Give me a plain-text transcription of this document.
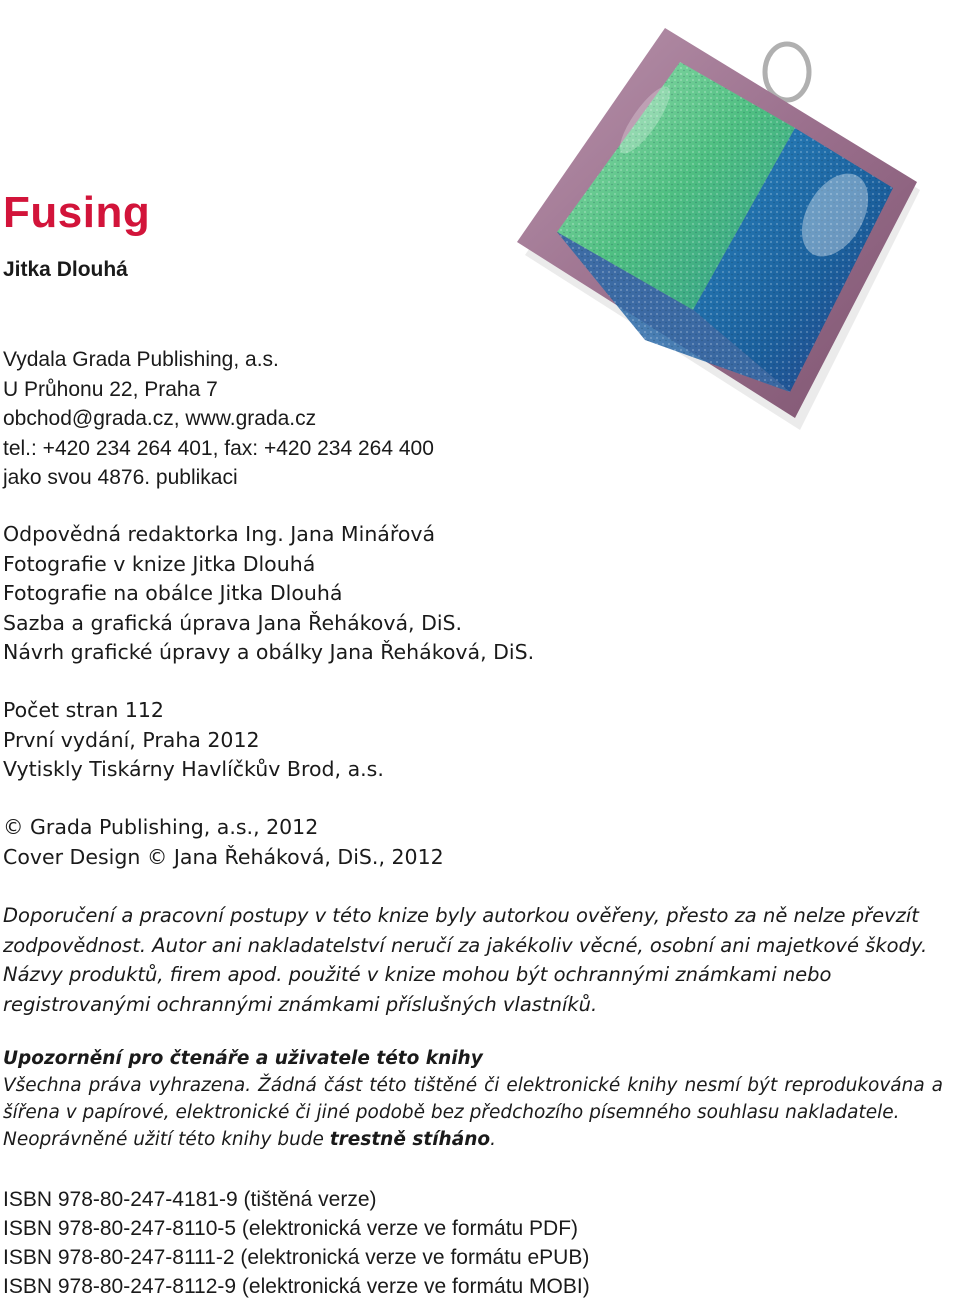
Fusing
Jitka Dlouhá
Vydala Grada Publishing, a.s.
U Průhonu 22, Praha 7
obchod@grada.cz, www.grada.cz
tel.: +420 234 264 401, fax: +420 234 264 400
jako svou 4876. publikaci
Odpovědná redaktorka Ing. Jana Minářová
Fotografie v knize Jitka Dlouhá
Fotografie na obálce Jitka Dlouhá
Sazba a grafická úprava Jana Řeháková, DiS.
Návrh grafické úpravy a obálky Jana Řeháková, DiS.
Počet stran 112
První vydání, Praha 2012
Vytiskly Tiskárny Havlíčkův Brod, a.s.
© Grada Publishing, a.s., 2012
Cover Design © Jana Řeháková, DiS., 2012
Doporučení a pracovní postupy v této knize byly autorkou ověřeny, přesto za ně nelze převzít
zodpovědnost. Autor ani nakladatelství neručí za jakékoliv věcné, osobní ani majetkové škody.
Názvy produktů, firem apod. použité v knize mohou být ochrannými známkami nebo
registrovanými ochrannými známkami příslušných vlastníků.
Upozornění pro čtenáře a uživatele této knihy
Všechna práva vyhrazena. Žádná část této tištěné či elektronické knihy nesmí být reprodukována a šířena v papírové, elektronické či jiné podobě bez předchozího písemného souhlasu nakladatele.
Neoprávněné užití této knihy bude trestně stíháno.
ISBN 978-80-247-4181-9 (tištěná verze)
ISBN 978-80-247-8110-5 (elektronická verze ve formátu PDF)
ISBN 978-80-247-8111-2 (elektronická verze ve formátu ePUB)
ISBN 978-80-247-8112-9 (elektronická verze ve formátu MOBI)
